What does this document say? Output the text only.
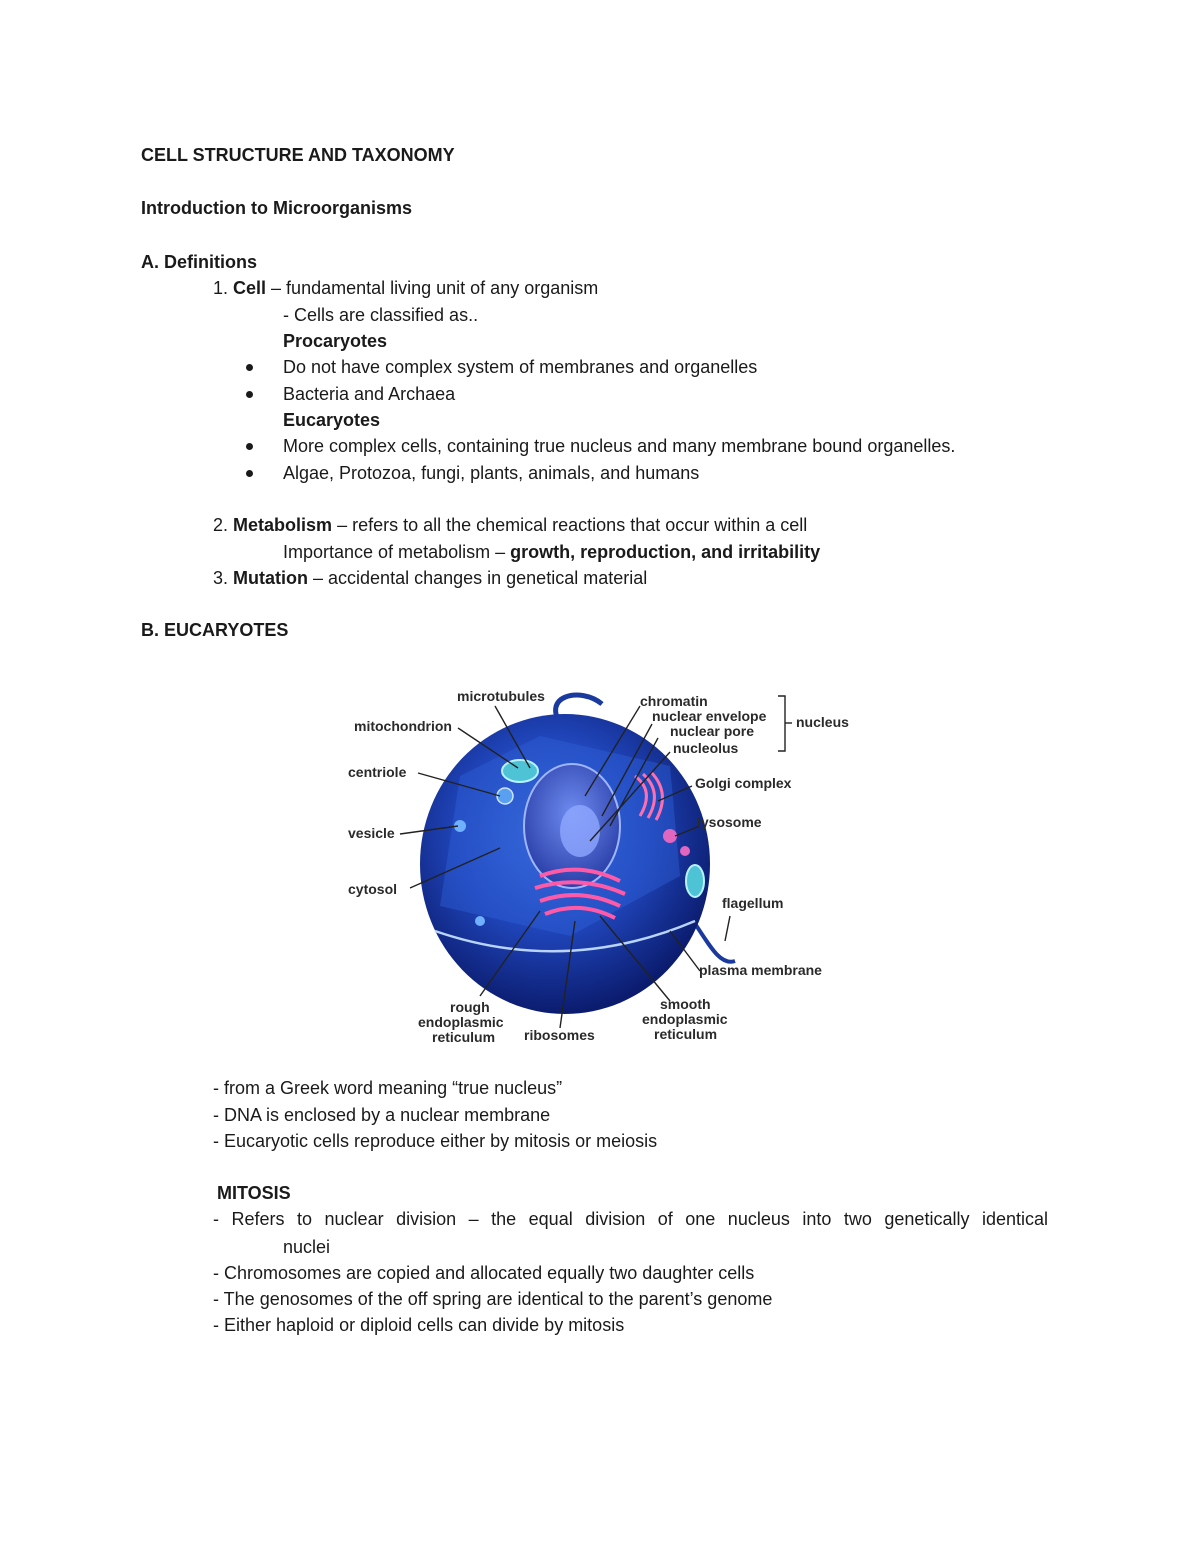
CELL STRUCTURE AND TAXONOMY
Introduction to Microorganisms
A. Definitions
1. Cell – fundamental living unit of any organism
- Cells are classified as..
Procaryotes
Do not have complex system of membranes and organelles
Bacteria and Archaea
Eucaryotes
More complex cells, containing true nucleus and many membrane bound organelles.
Algae, Protozoa, fungi, plants, animals, and humans
2. Metabolism – refers to all the chemical reactions that occur within a cell
Importance of metabolism – growth, reproduction, and irritability
3. Mutation – accidental changes in genetical material
B. EUCARYOTES
microtubules
mitochondrion
centriole
vesicle
cytosol
chromatin
nuclear envelope
nuclear pore
nucleolus
nucleus
Golgi complex
lysosome
flagellum
plasma membrane
rough
endoplasmic
reticulum ribosomes
smooth
endoplasmic
reticulum
- from a Greek word meaning “true nucleus”
- DNA is enclosed by a nuclear membrane
- Eucaryotic cells reproduce either by mitosis or meiosis
MITOSIS
- Refers to nuclear division – the equal division of one nucleus into two genetically identical
nuclei
- Chromosomes are copied and allocated equally two daughter cells
- The genosomes of the off spring are identical to the parent’s genome
- Either haploid or diploid cells can divide by mitosis
